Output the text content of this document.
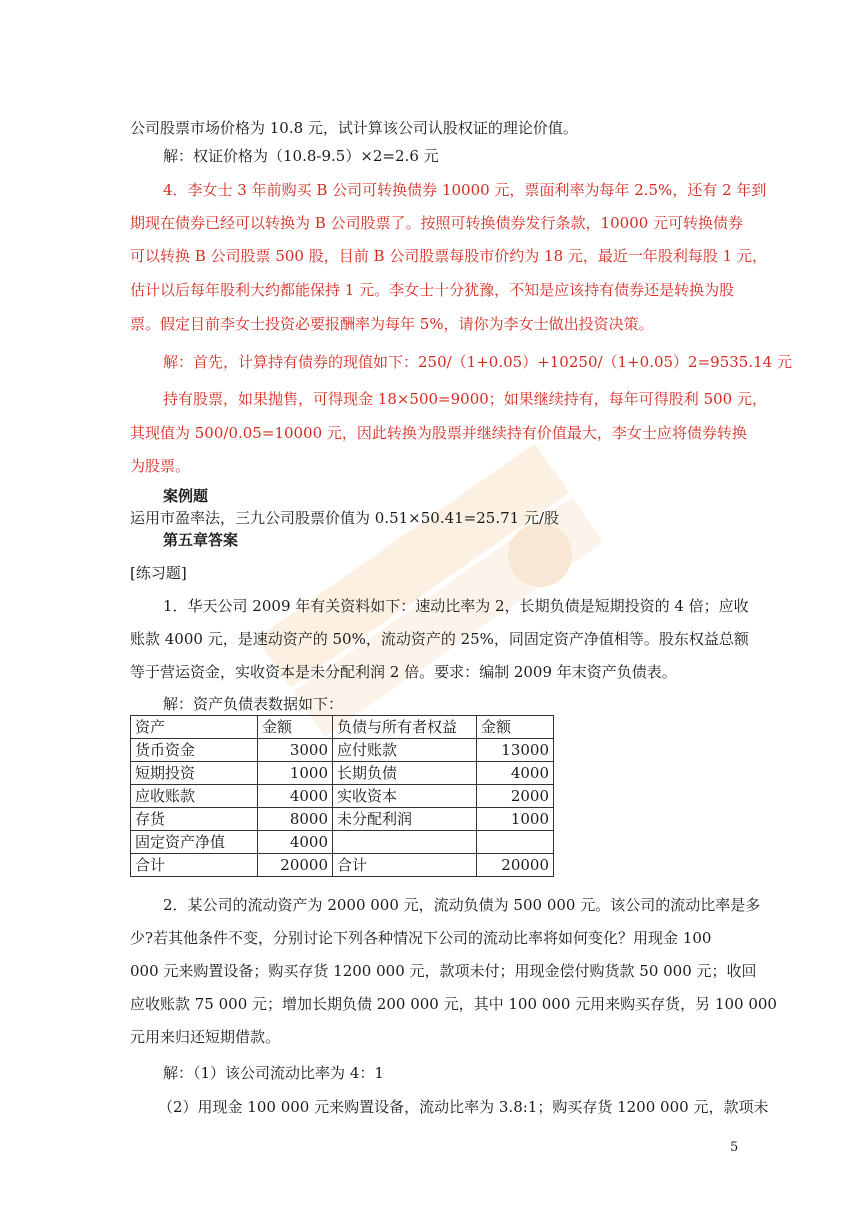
公司股票市场价格为 10.8 元，试计算该公司认股权证的理论价值。
解：权证价格为（10.8-9.5）×2=2.6 元
4．李女士 3 年前购买 B 公司可转换债券 10000 元，票面利率为每年 2.5%，还有 2 年到
期现在债券已经可以转换为 B 公司股票了。按照可转换债券发行条款，10000 元可转换债券
可以转换 B 公司股票 500 股，目前 B 公司股票每股市价约为 18 元，最近一年股利每股 1 元，
估计以后每年股利大约都能保持 1 元。李女士十分犹豫，不知是应该持有债券还是转换为股
票。假定目前李女士投资必要报酬率为每年 5%，请你为李女士做出投资决策。
解：首先，计算持有债券的现值如下：250/（1+0.05）+10250/（1+0.05）2=9535.14 元
持有股票，如果抛售，可得现金 18×500=9000；如果继续持有，每年可得股利 500 元，
其现值为 500/0.05=10000 元，因此转换为股票并继续持有价值最大，李女士应将债券转换
为股票。
案例题
运用市盈率法，三九公司股票价值为 0.51×50.41=25.71 元/股
第五章答案
[练习题]
1．华天公司 2009 年有关资料如下：速动比率为 2，长期负债是短期投资的 4 倍；应收
账款 4000 元，是速动资产的 50%，流动资产的 25%，同固定资产净值相等。股东权益总额
等于营运资金，实收资本是未分配利润 2 倍。要求：编制 2009 年末资产负债表。
解：资产负债表数据如下：
资产	金额	负债与所有者权益	金额
货币资金	3000	应付账款	13000
短期投资	1000	长期负债	4000
应收账款	4000	实收资本	2000
存货	8000	未分配利润	1000
固定资产净值	4000		
合计	20000	合计	20000
2．某公司的流动资产为 2000 000 元，流动负债为 500 000 元。该公司的流动比率是多
少?若其他条件不变，分别讨论下列各种情况下公司的流动比率将如何变化？用现金 100
000 元来购置设备；购买存货 1200 000 元，款项未付；用现金偿付购货款 50 000 元；收回
应收账款 75 000 元；增加长期负债 200 000 元，其中 100 000 元用来购买存货，另 100 000
元用来归还短期借款。
解：（1）该公司流动比率为 4：1
（2）用现金 100 000 元来购置设备，流动比率为 3.8:1；购买存货 1200 000 元，款项未
5
